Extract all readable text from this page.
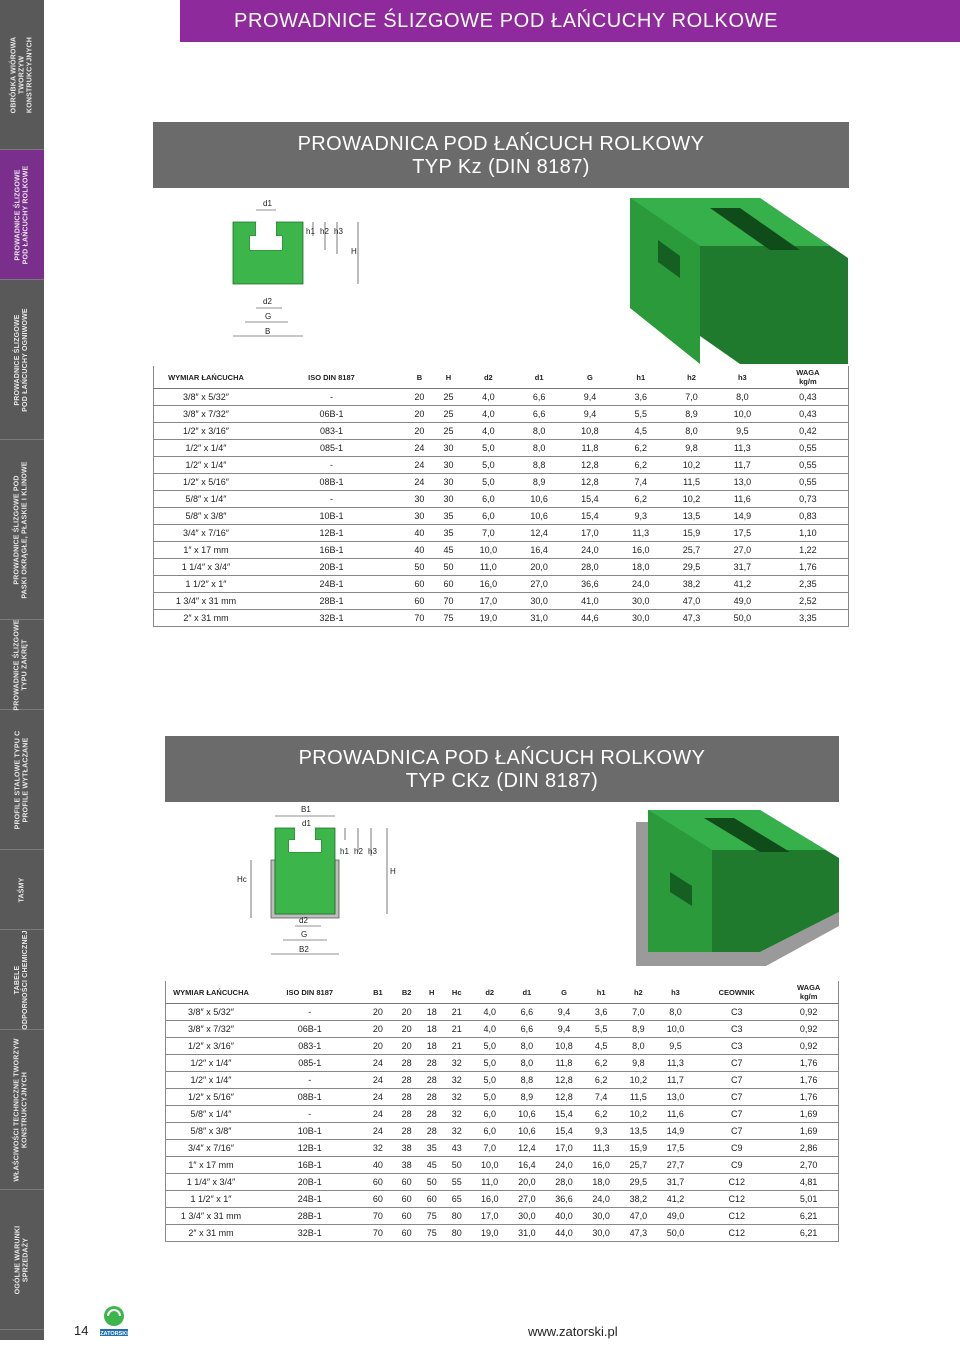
OBRÓBKA WIÓROWA
TWORZYW
KONSTRUKCYJNYCH
PROWADNICE ŚLIZGOWE
POD ŁAŃCUCHY ROLKOWE
PROWADNICE ŚLIZGOWE
POD ŁAŃCUCHY OGNIWOWE
PROWADNICE ŚLIZGOWE POD
PASKI OKRĄGŁE, PŁASKIE I KLINOWE
PROWADNICE ŚLIZGOWE
TYPU ZAKRĘT
PROFILE STALOWE TYPU C
PROFILE WYTŁACZANE
TAŚMY
TABELE
ODPORNOŚCI CHEMICZNEJ
WŁAŚCIWOŚCI TECHNICZNE TWORZYW
KONSTRUKCYJNYCH
OGÓLNE WARUNKI
SPRZEDAŻY
PROWADNICE ŚLIZGOWE POD ŁAŃCUCHY ROLKOWE
PROWADNICA POD ŁAŃCUCH ROLKOWY
TYP Kz (DIN 8187)
d1
h1 h2 h3
H
d2
G
B
WYMIAR ŁAŃCUCHA	ISO DIN 8187	B	H	d2	d1	G	h1	h2	h3	WAGA
kg/m
3/8″ x 5/32″	-	20	25	4,0	6,6	9,4	3,6	7,0	8,0	0,43
3/8″ x 7/32″	06B-1	20	25	4,0	6,6	9,4	5,5	8,9	10,0	0,43
1/2″ x 3/16″	083-1	20	25	4,0	8,0	10,8	4,5	8,0	9,5	0,42
1/2″ x 1/4″	085-1	24	30	5,0	8,0	11,8	6,2	9,8	11,3	0,55
1/2″ x 1/4″	-	24	30	5,0	8,8	12,8	6,2	10,2	11,7	0,55
1/2″ x 5/16″	08B-1	24	30	5,0	8,9	12,8	7,4	11,5	13,0	0,55
5/8″ x 1/4″	-	30	30	6,0	10,6	15,4	6,2	10,2	11,6	0,73
5/8″ x 3/8″	10B-1	30	35	6,0	10,6	15,4	9,3	13,5	14,9	0,83
3/4″ x 7/16″	12B-1	40	35	7,0	12,4	17,0	11,3	15,9	17,5	1,10
1″ x 17 mm	16B-1	40	45	10,0	16,4	24,0	16,0	25,7	27,0	1,22
1 1/4″ x 3/4″	20B-1	50	50	11,0	20,0	28,0	18,0	29,5	31,7	1,76
1 1/2″ x 1″	24B-1	60	60	16,0	27,0	36,6	24,0	38,2	41,2	2,35
1 3/4″ x 31 mm	28B-1	60	70	17,0	30,0	41,0	30,0	47,0	49,0	2,52
2″ x 31 mm	32B-1	70	75	19,0	31,0	44,6	30,0	47,3	50,0	3,35
PROWADNICA POD ŁAŃCUCH ROLKOWY
TYP CKz (DIN 8187)
B1
d1
h1 h2 h3
H
Hc
d2
G
B2
WYMIAR ŁAŃCUCHA	ISO DIN 8187	B1	B2	H	Hc	d2	d1	G	h1	h2	h3	CEOWNIK	WAGA
kg/m
3/8″ x 5/32″	-	20	20	18	21	4,0	6,6	9,4	3,6	7,0	8,0	C3	0,92
3/8″ x 7/32″	06B-1	20	20	18	21	4,0	6,6	9,4	5,5	8,9	10,0	C3	0,92
1/2″ x 3/16″	083-1	20	20	18	21	5,0	8,0	10,8	4,5	8,0	9,5	C3	0,92
1/2″ x 1/4″	085-1	24	28	28	32	5,0	8,0	11,8	6,2	9,8	11,3	C7	1,76
1/2″ x 1/4″	-	24	28	28	32	5,0	8,8	12,8	6,2	10,2	11,7	C7	1,76
1/2″ x 5/16″	08B-1	24	28	28	32	5,0	8,9	12,8	7,4	11,5	13,0	C7	1,76
5/8″ x 1/4″	-	24	28	28	32	6,0	10,6	15,4	6,2	10,2	11,6	C7	1,69
5/8″ x 3/8″	10B-1	24	28	28	32	6,0	10,6	15,4	9,3	13,5	14,9	C7	1,69
3/4″ x 7/16″	12B-1	32	38	35	43	7,0	12,4	17,0	11,3	15,9	17,5	C9	2,86
1″ x 17 mm	16B-1	40	38	45	50	10,0	16,4	24,0	16,0	25,7	27,7	C9	2,70
1 1/4″ x 3/4″	20B-1	60	60	50	55	11,0	20,0	28,0	18,0	29,5	31,7	C12	4,81
1 1/2″ x 1″	24B-1	60	60	60	65	16,0	27,0	36,6	24,0	38,2	41,2	C12	5,01
1 3/4″ x 31 mm	28B-1	70	60	75	80	17,0	30,0	40,0	30,0	47,0	49,0	C12	6,21
2″ x 31 mm	32B-1	70	60	75	80	19,0	31,0	44,0	30,0	47,3	50,0	C12	6,21
14 ZATORSKI	www.zatorski.pl
